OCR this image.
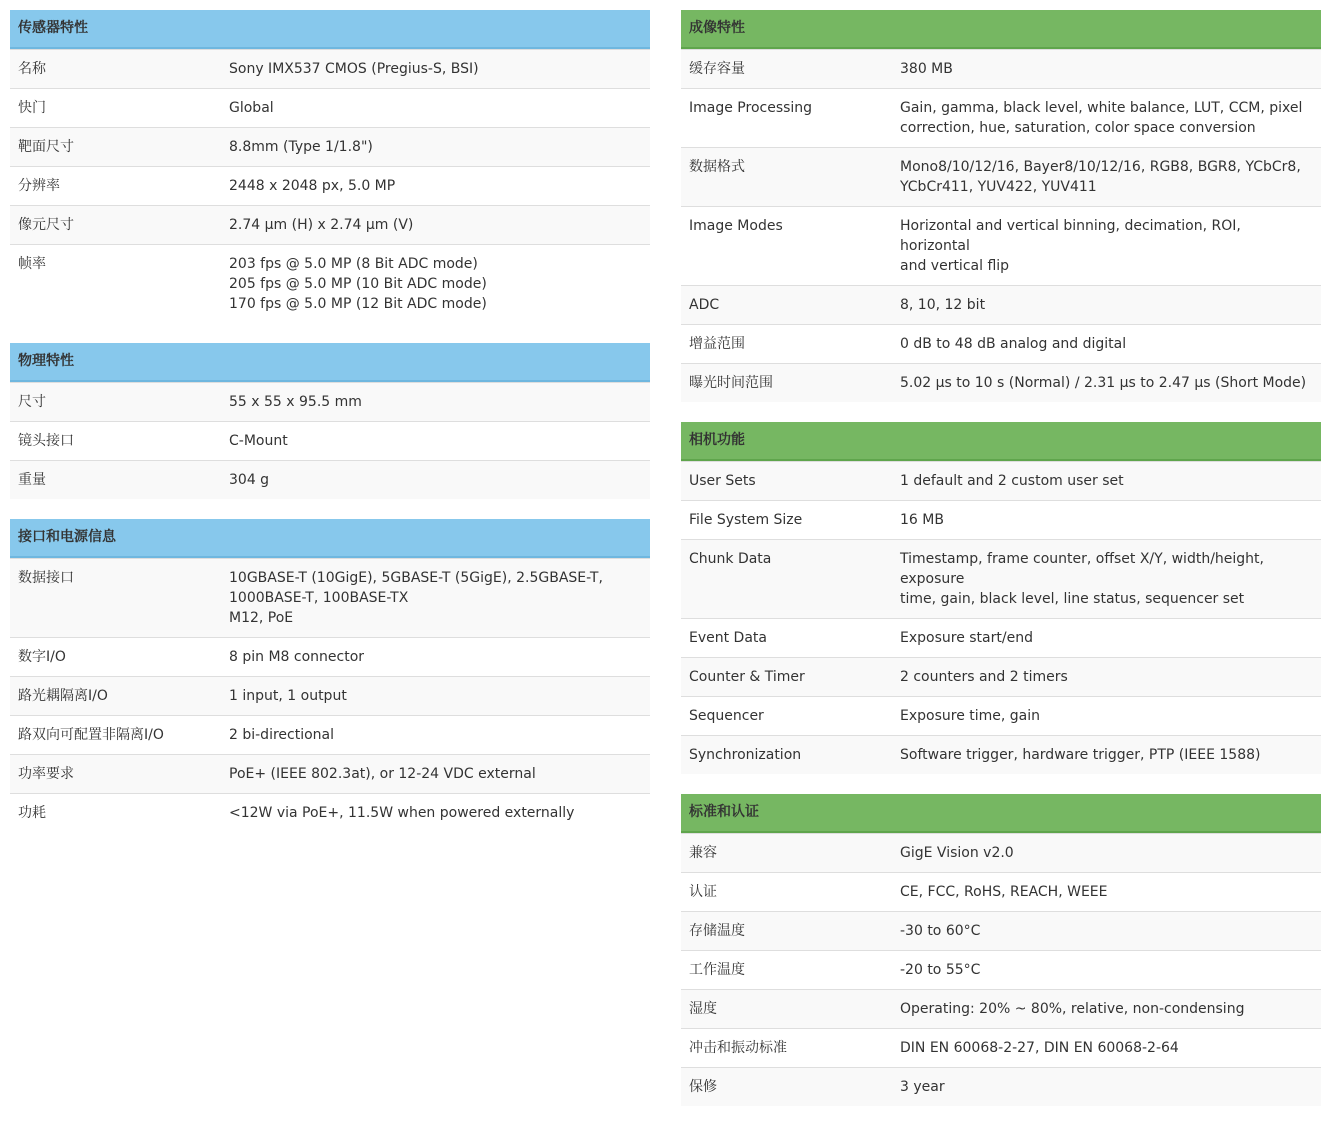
传感器特性
名称	Sony IMX537 CMOS (Pregius-S, BSI)
快门	Global
靶面尺寸	8.8mm (Type 1/1.8")
分辨率	2448 x 2048 px, 5.0 MP
像元尺寸	2.74 µm (H) x 2.74 µm (V)
帧率	203 fps @ 5.0 MP (8 Bit ADC mode)
205 fps @ 5.0 MP (10 Bit ADC mode)
170 fps @ 5.0 MP (12 Bit ADC mode)
物理特性
尺寸	55 x 55 x 95.5 mm
镜头接口	C-Mount
重量	304 g
接口和电源信息
数据接口	10GBASE-T (10GigE), 5GBASE-T (5GigE), 2.5GBASE-T,
1000BASE-T, 100BASE-TX
M12, PoE
数字I/O	8 pin M8 connector
路光耦隔离I/O	1 input, 1 output
路双向可配置非隔离I/O	2 bi-directional
功率要求	PoE+ (IEEE 802.3at), or 12-24 VDC external
功耗	<12W via PoE+, 11.5W when powered externally
成像特性
缓存容量	380 MB
Image Processing	Gain, gamma, black level, white balance, LUT, CCM, pixel
correction, hue, saturation, color space conversion
数据格式	Mono8/10/12/16, Bayer8/10/12/16, RGB8, BGR8, YCbCr8,
YCbCr411, YUV422, YUV411
Image Modes	Horizontal and vertical binning, decimation, ROI, horizontal
and vertical flip
ADC	8, 10, 12 bit
增益范围	0 dB to 48 dB analog and digital
曝光时间范围	5.02 µs to 10 s (Normal) / 2.31 µs to 2.47 µs (Short Mode)
相机功能
User Sets	1 default and 2 custom user set
File System Size	16 MB
Chunk Data	Timestamp, frame counter, offset X/Y, width/height, exposure
time, gain, black level, line status, sequencer set
Event Data	Exposure start/end
Counter & Timer	2 counters and 2 timers
Sequencer	Exposure time, gain
Synchronization	Software trigger, hardware trigger, PTP (IEEE 1588)
标准和认证
兼容	GigE Vision v2.0
认证	CE, FCC, RoHS, REACH, WEEE
存储温度	-30 to 60°C
工作温度	-20 to 55°C
湿度	Operating: 20% ~ 80%, relative, non-condensing
冲击和振动标准	DIN EN 60068-2-27, DIN EN 60068-2-64
保修	3 year
